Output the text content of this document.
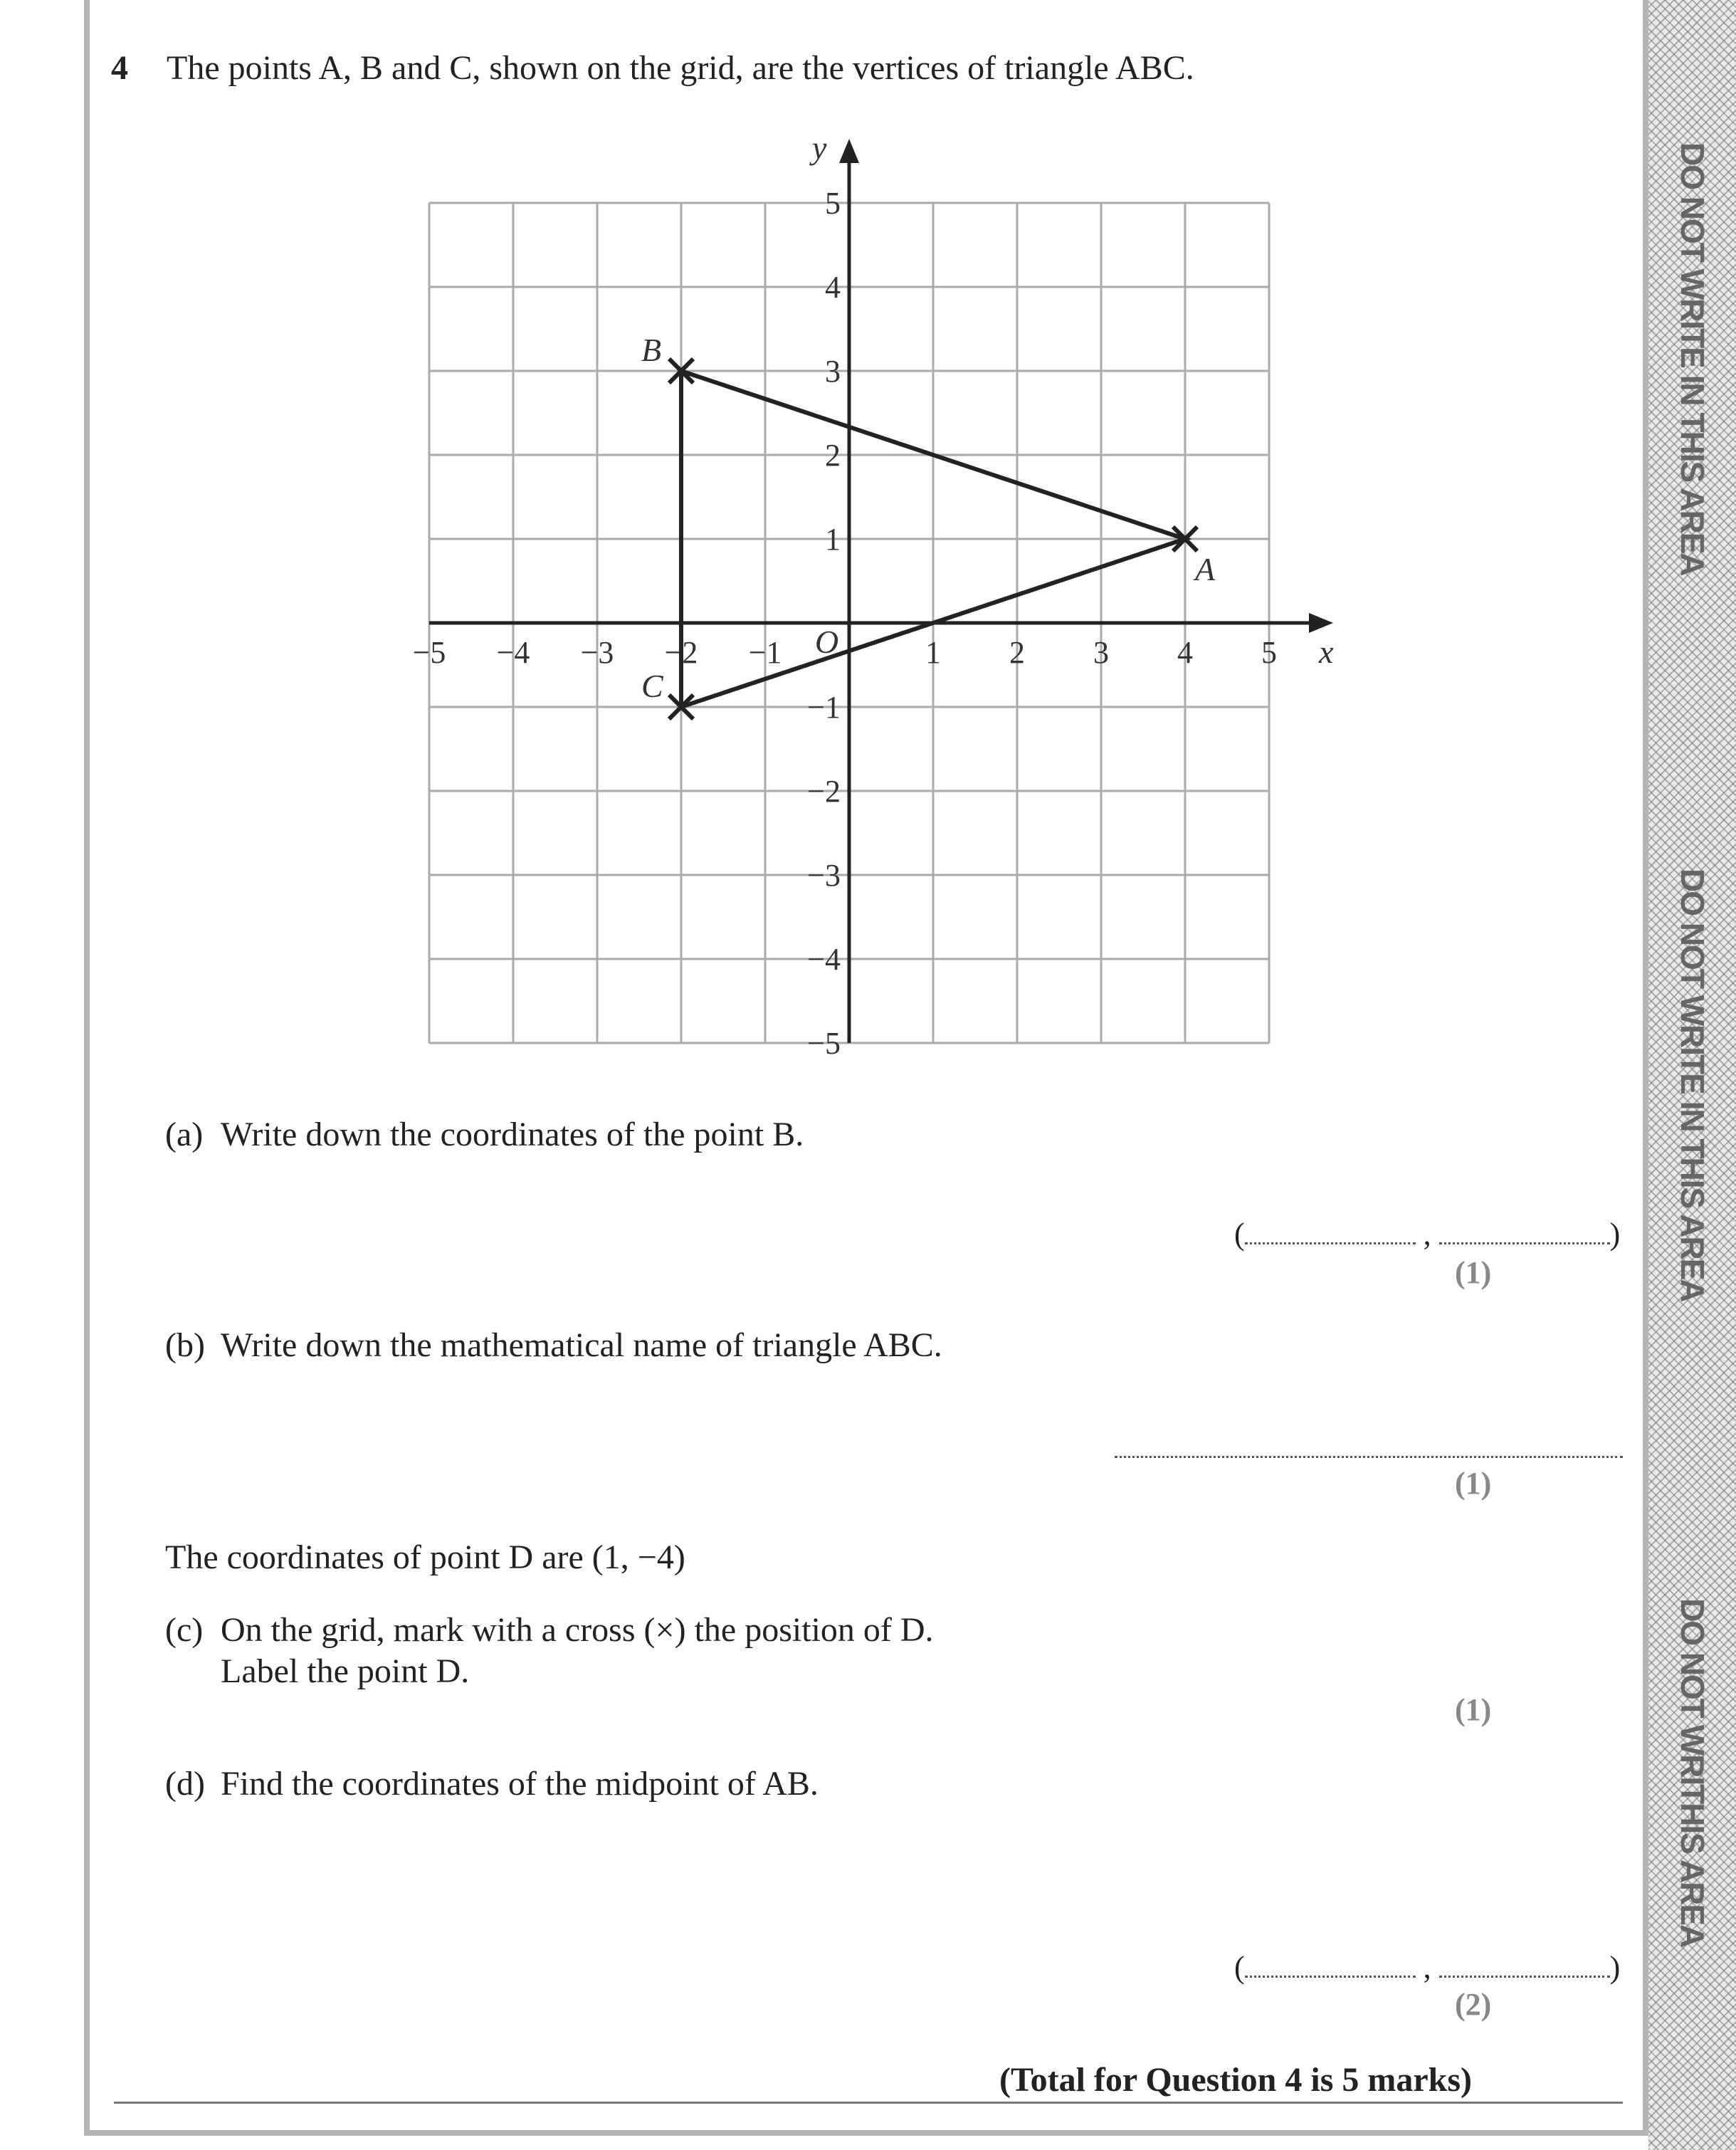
DO NOT WRITE IN THIS AREA
DO NOT WRITE IN THIS AREA
DO NOT WRITHIS AREA
4 The points A, B and C, shown on the grid, are the vertices of triangle ABC.
x
y
O
−5 −4 −3 −2 −1	1 2 3 4 5
5
4
3
2
1
−1
−2
−3
−4
−5
A
B
C
(a) Write down the coordinates of the point B.
(	,	)
(1)
(b) Write down the mathematical name of triangle ABC.
(1)
The coordinates of point D are (1, −4)
(c) On the grid, mark with a cross (×) the position of D.
Label the point D.
(1)
(d) Find the coordinates of the midpoint of AB.
(	,	)
(2)
(Total for Question 4 is 5 marks)
